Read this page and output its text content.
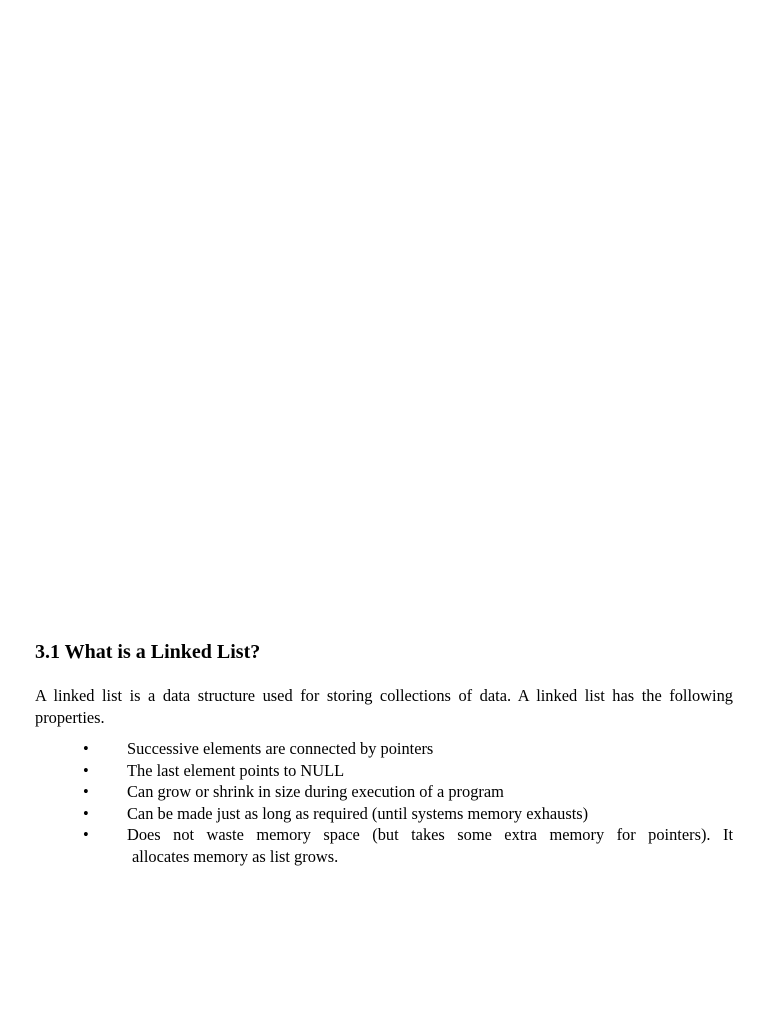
3.1 What is a Linked List?

A linked list is a data structure used for storing collections of data. A linked list has the following properties.

• Successive elements are connected by pointers
• The last element points to NULL
• Can grow or shrink in size during execution of a program
• Can be made just as long as required (until systems memory exhausts)
• Does not waste memory space (but takes some extra memory for pointers). It
allocates memory as list grows.
